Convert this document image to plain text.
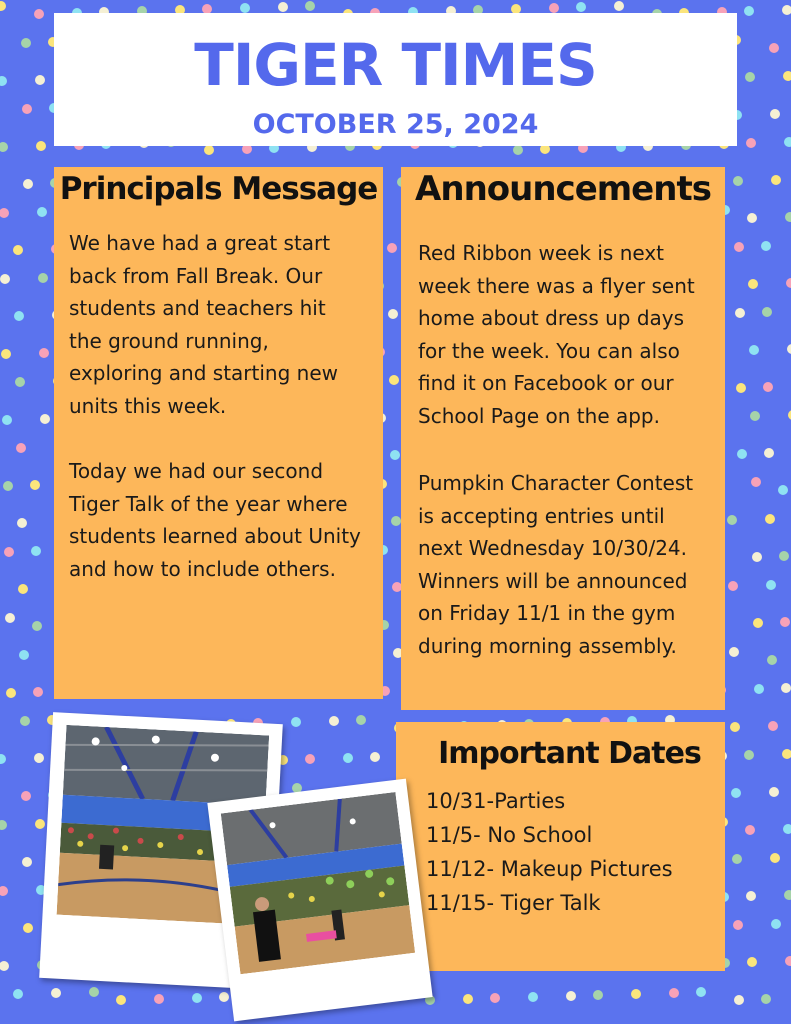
TIGER TIMES
OCTOBER 25, 2024
Principals Message

We have had a great start
back from Fall Break. Our
students and teachers hit
the ground running,
exploring and starting new
units this week.

Today we had our second
Tiger Talk of the year where
students learned about Unity
and how to include others.

Announcements

Red Ribbon week is next
week there was a flyer sent
home about dress up days
for the week. You can also
find it on Facebook or our
School Page on the app.

Pumpkin Character Contest
is accepting entries until
next Wednesday 10/30/24.
Winners will be announced
on Friday 11/1 in the gym
during morning assembly.

Important Dates
10/31-Parties
11/5- No School
11/12- Makeup Pictures
11/15- Tiger Talk
